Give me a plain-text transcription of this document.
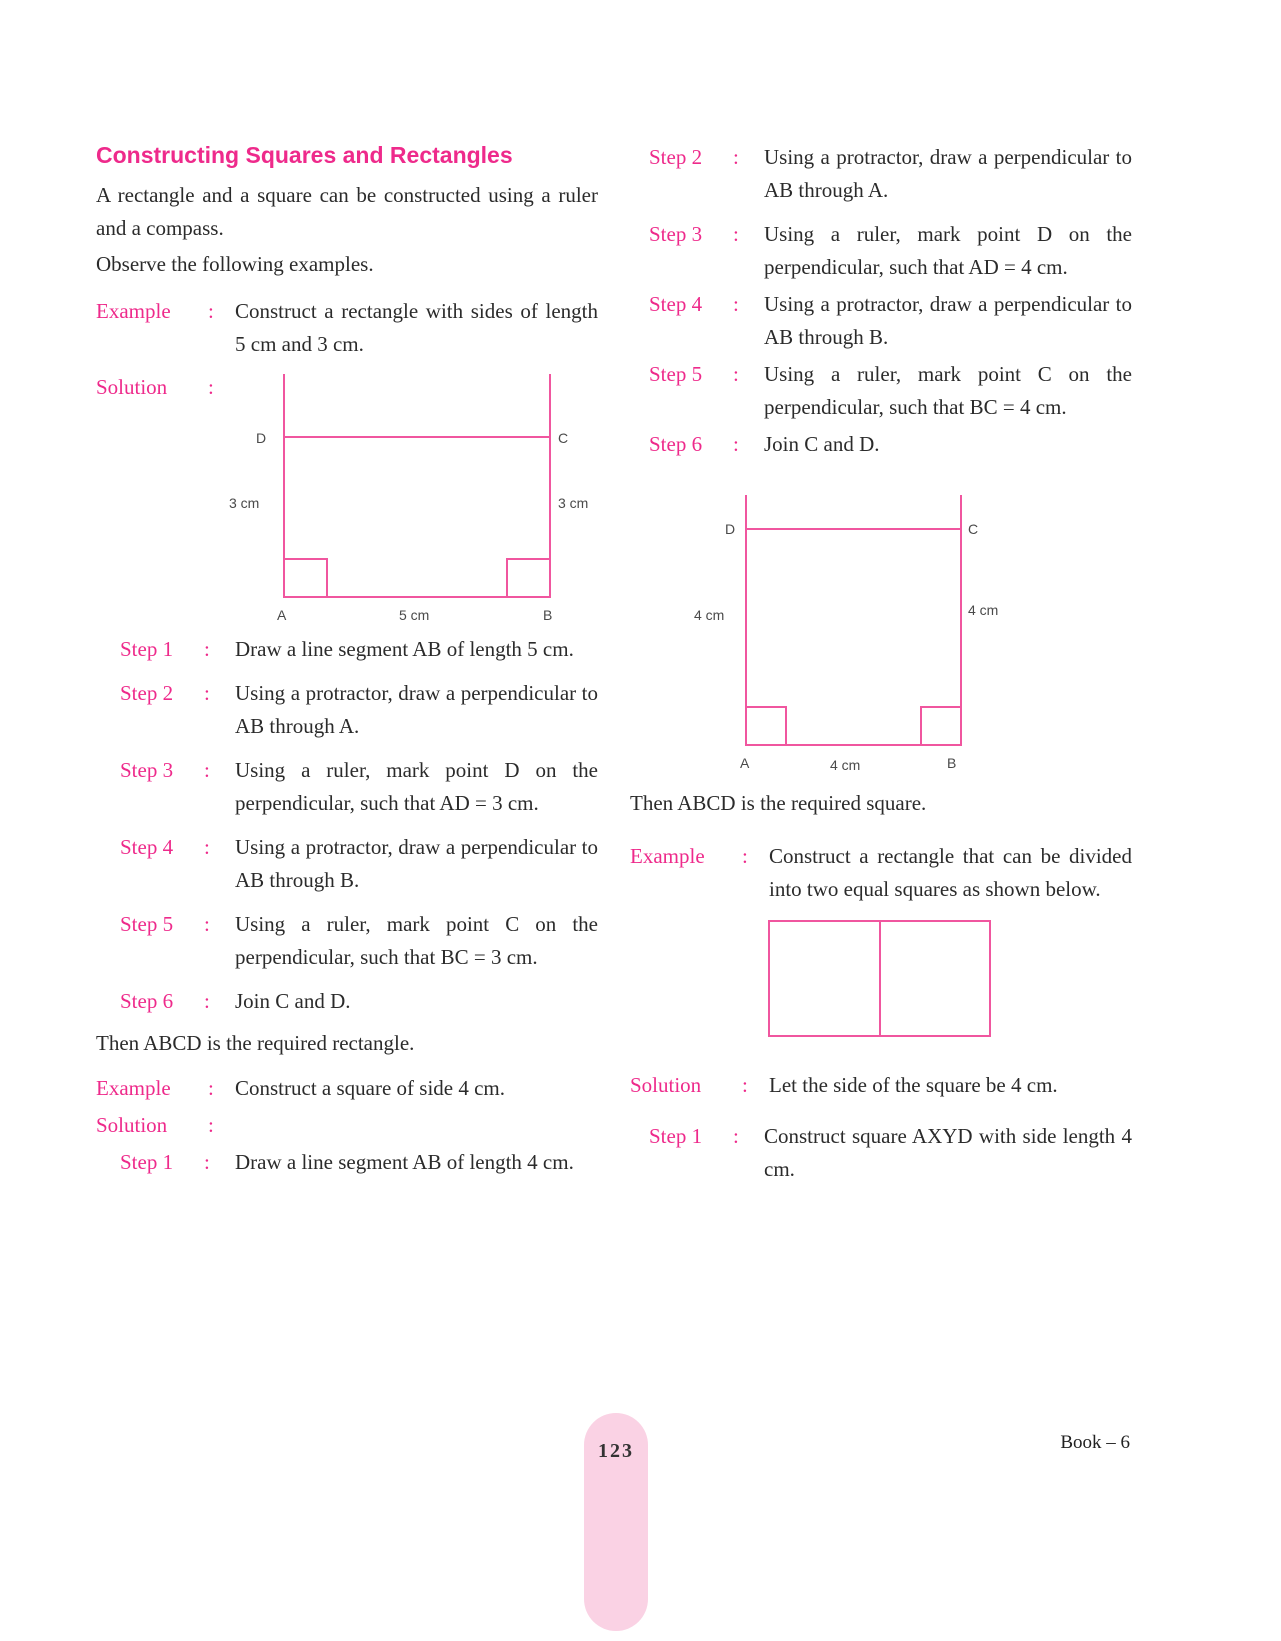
Constructing Squares and Rectangles

A rectangle and a square can be constructed using a ruler and a compass.

Observe the following examples.

Example	:	Construct a rectangle with sides of length 5 cm and 3 cm.
Solution	:
D	C
3 cm	3 cm
A	5 cm	B
Step 1	:	Draw a line segment AB of length 5 cm.
Step 2	:	Using a protractor, draw a perpendicular to AB through A.
Step 3	:	Using a ruler, mark point D on the perpendicular, such that AD = 3 cm.
Step 4	:	Using a protractor, draw a perpendicular to AB through B.
Step 5	:	Using a ruler, mark point C on the perpendicular, such that BC = 3 cm.
Step 6	:	Join C and D.

Then ABCD is the required rectangle.

Example	:	Construct a square of side 4 cm.
Solution	:
Step 1	:	Draw a line segment AB of length 4 cm.
Step 2	:	Using a protractor, draw a perpendicular to AB through A.
Step 3	:	Using a ruler, mark point D on the perpendicular, such that AD = 4 cm.
Step 4	:	Using a protractor, draw a perpendicular to AB through B.
Step 5	:	Using a ruler, mark point C on the perpendicular, such that BC = 4 cm.
Step 6	:	Join C and D.
D	C
4 cm	4 cm
A	4 cm	B

Then ABCD is the required square.

Example	:	Construct a rectangle that can be divided into two equal squares as shown below.
Solution	:	Let the side of the square be 4 cm.
Step 1	:	Construct square AXYD with side length 4 cm.
123	Book – 6
